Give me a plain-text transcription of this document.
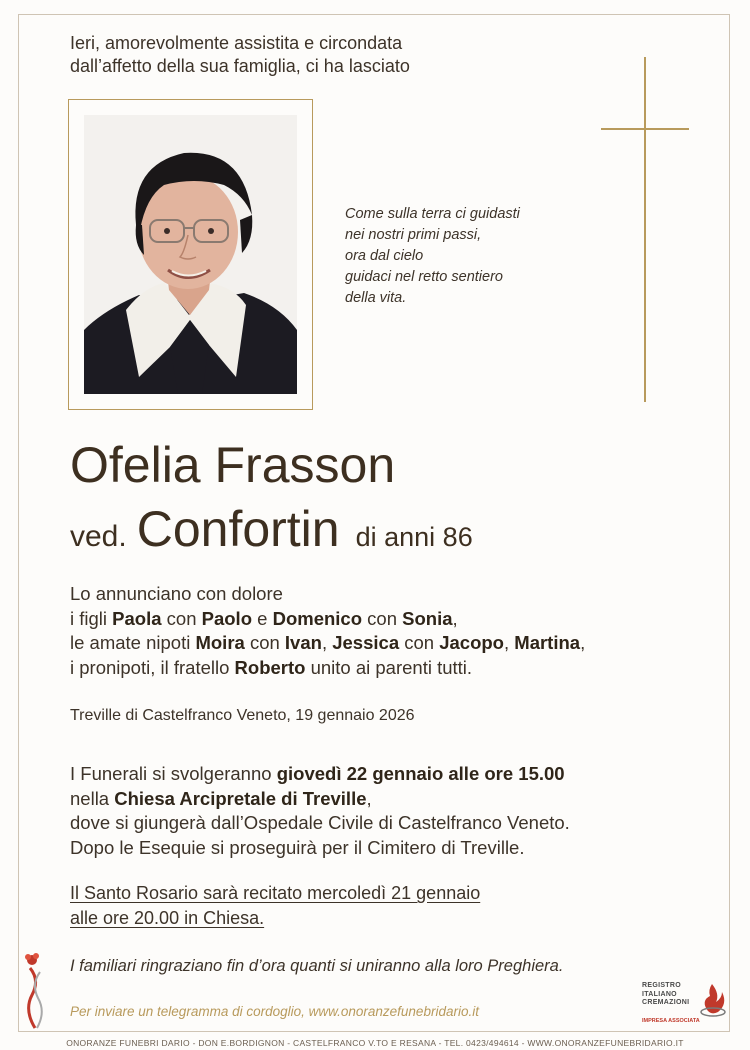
Ieri, amorevolmente assistita e circondata
dall’affetto della sua famiglia, ci ha lasciato
Come sulla terra ci guidasti
nei nostri primi passi,
ora dal cielo
guidaci nel retto sentiero
della vita.
Ofelia Frasson
ved. Confortin di anni 86
Lo annunciano con dolore
i figli Paola con Paolo e Domenico con Sonia,
le amate nipoti Moira con Ivan, Jessica con Jacopo, Martina,
i pronipoti, il fratello Roberto unito ai parenti tutti.
Treville di Castelfranco Veneto, 19 gennaio 2026
I Funerali si svolgeranno giovedì 22 gennaio alle ore 15.00
nella Chiesa Arcipretale di Treville,
dove si giungerà dall’Ospedale Civile di Castelfranco Veneto.
Dopo le Esequie si proseguirà per il Cimitero di Treville.
Il Santo Rosario sarà recitato mercoledì 21 gennaio
alle ore 20.00 in Chiesa.
I familiari ringraziano fin d’ora quanti si uniranno alla loro Preghiera.
Per inviare un telegramma di cordoglio, www.onoranzefunebridario.it
REGISTRO
ITALIANO
CREMAZIONI
IMPRESA ASSOCIATA
ONORANZE FUNEBRI DARIO - DON E.BORDIGNON - CASTELFRANCO V.TO E RESANA - TEL. 0423/494614 - WWW.ONORANZEFUNEBRIDARIO.IT
